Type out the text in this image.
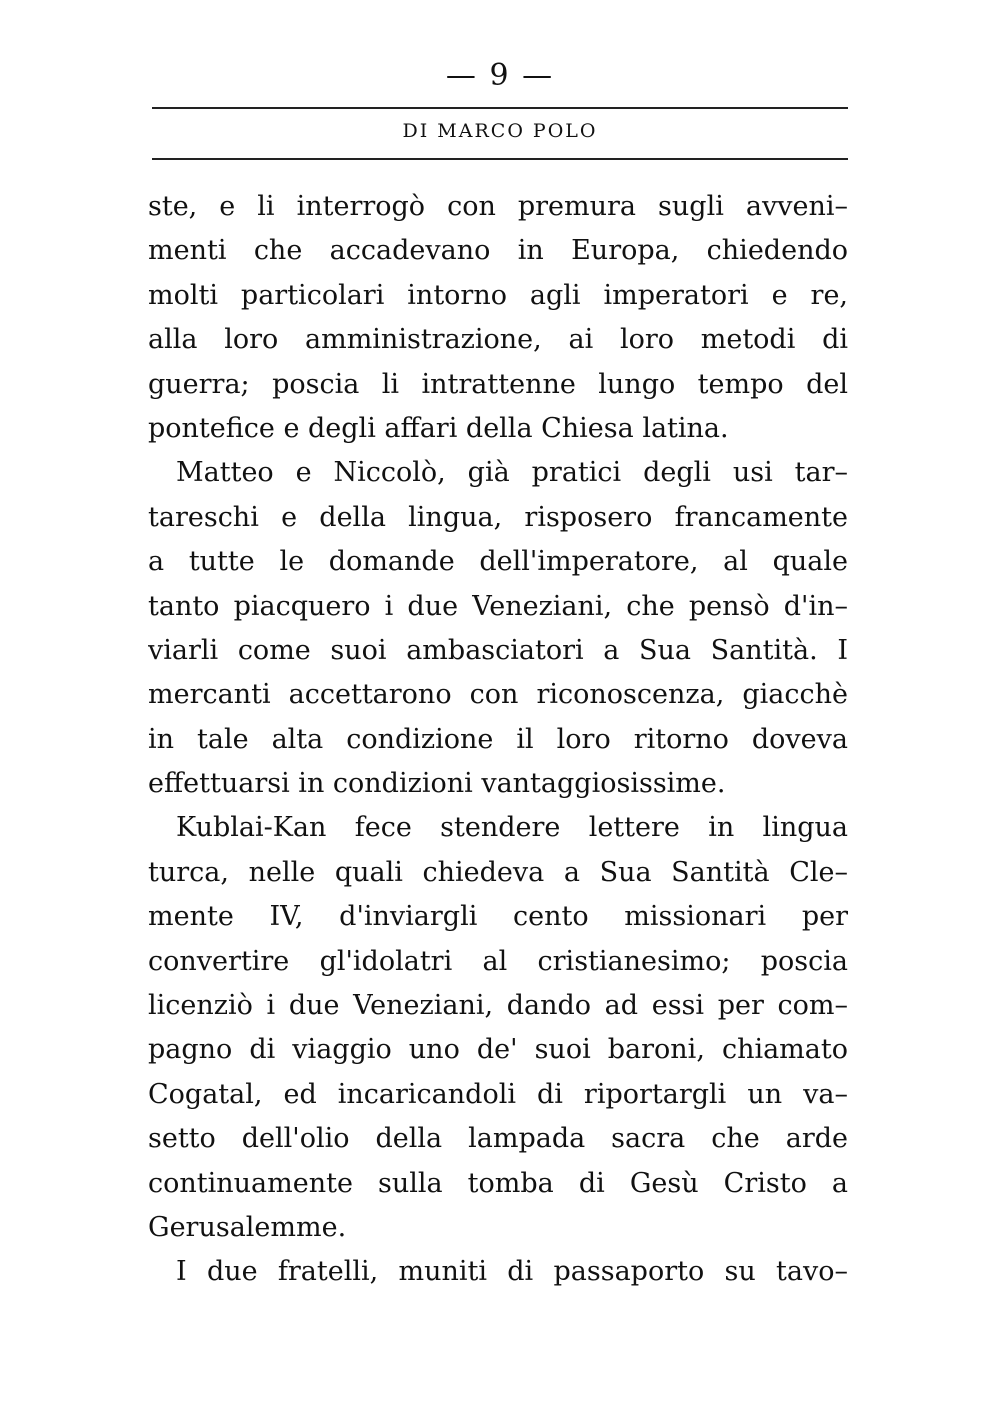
— 9 —
DI MARCO POLO
ste, e li interrogò con premura sugli avveni–
menti che accadevano in Europa, chiedendo
molti particolari intorno agli imperatori e re,
alla loro amministrazione, ai loro metodi di
guerra; poscia li intrattenne lungo tempo del
pontefice e degli affari della Chiesa latina.
Matteo e Niccolò, già pratici degli usi tar–
tareschi e della lingua, risposero francamente
a tutte le domande dell'imperatore, al quale
tanto piacquero i due Veneziani, che pensò d'in–
viarli come suoi ambasciatori a Sua Santità. I
mercanti accettarono con riconoscenza, giacchè
in tale alta condizione il loro ritorno doveva
effettuarsi in condizioni vantaggiosissime.
Kublai-Kan fece stendere lettere in lingua
turca, nelle quali chiedeva a Sua Santità Cle–
mente IV, d'inviargli cento missionari per
convertire gl'idolatri al cristianesimo; poscia
licenziò i due Veneziani, dando ad essi per com–
pagno di viaggio uno de' suoi baroni, chiamato
Cogatal, ed incaricandoli di riportargli un va–
setto dell'olio della lampada sacra che arde
continuamente sulla tomba di Gesù Cristo a
Gerusalemme.
I due fratelli, muniti di passaporto su tavo–
